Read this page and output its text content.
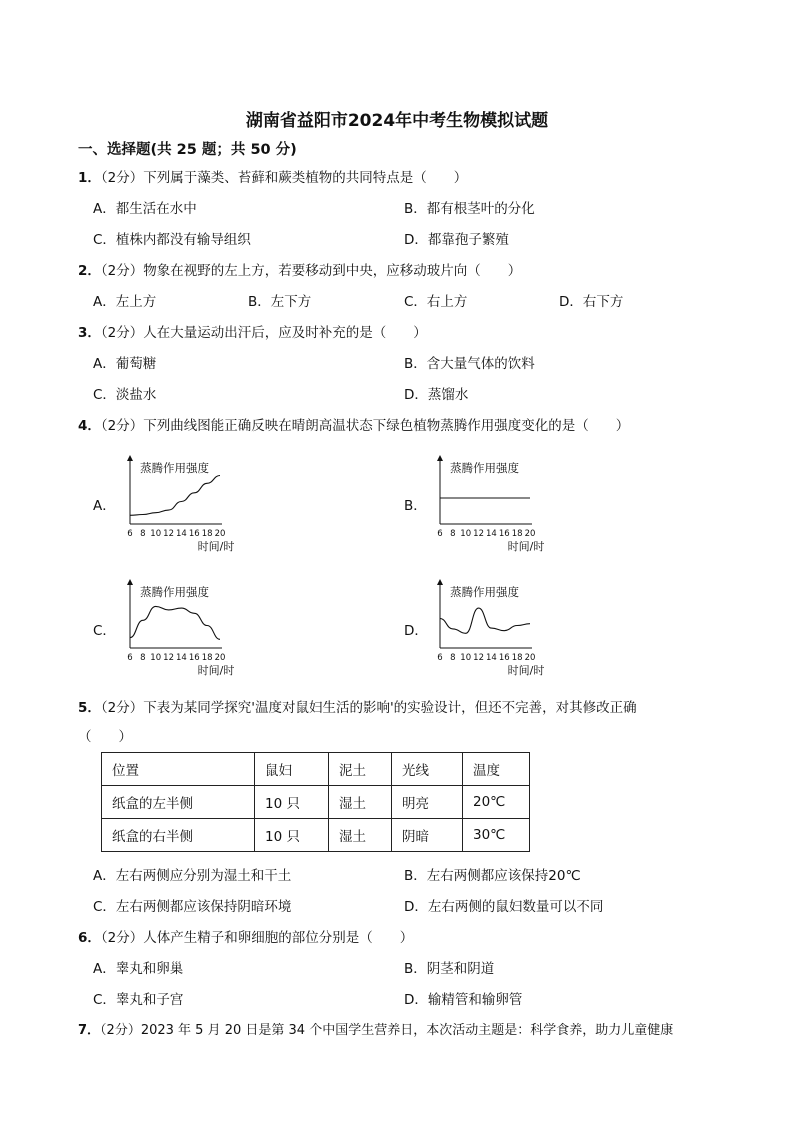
湖南省益阳市2024年中考生物模拟试题
一、选择题(共 25 题；共 50 分)
1．（2分）下列属于藻类、苔藓和蕨类植物的共同特点是（　　）
A．都生活在水中	B．都有根茎叶的分化
C．植株内都没有输导组织	D．都靠孢子繁殖
2．（2分）物象在视野的左上方，若要移动到中央，应移动玻片向（　　）
A．左上方	B．左下方	C．右上方	D．右下方
3．（2分）人在大量运动出汗后，应及时补充的是（　　）
A．葡萄糖	B．含大量气体的饮料
C．淡盐水	D．蒸馏水
4．（2分）下列曲线图能正确反映在晴朗高温状态下绿色植物蒸腾作用强度变化的是（　　）
A．	B．
C．	D．
蒸腾作用强度
6 8 10 12 14 16 18 20
时间/时
蒸腾作用强度
6 8 10 12 14 16 18 20
时间/时
蒸腾作用强度
6 8 10 12 14 16 18 20
时间/时
蒸腾作用强度
6 8 10 12 14 16 18 20
时间/时
5．（2分）下表为某同学探究'温度对鼠妇生活的影响'的实验设计，但还不完善，对其修改正确
（　　）
位置	鼠妇	泥土	光线	温度
纸盒的左半侧	10 只	湿土	明亮	20℃
纸盒的右半侧	10 只	湿土	阴暗	30℃
A．左右两侧应分别为湿土和干土	B．左右两侧都应该保持20℃
C．左右两侧都应该保持阴暗环境	D．左右两侧的鼠妇数量可以不同
6．（2分）人体产生精子和卵细胞的部位分别是（　　）
A．睾丸和卵巢	B．阴茎和阴道
C．睾丸和子宫	D．输精管和输卵管
7．（2分）2023 年 5 月 20 日是第 34 个中国学生营养日，本次活动主题是：科学食养，助力儿童健康
